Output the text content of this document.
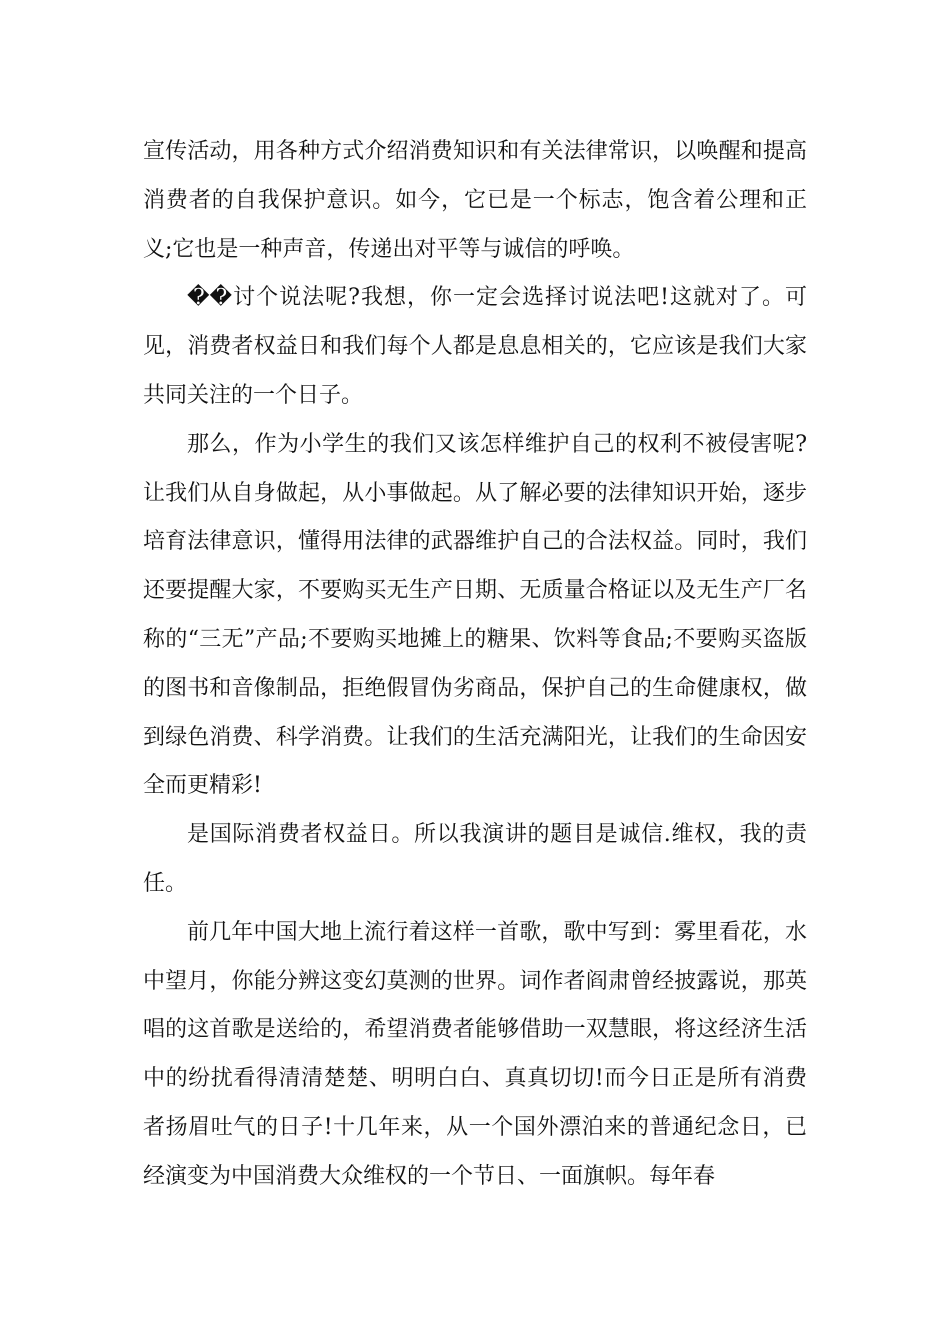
宣传活动，用各种方式介绍消费知识和有关法律常识，以唤醒和提高消费者的自我保护意识。如今，它已是一个标志，饱含着公理和正义;它也是一种声音，传递出对平等与诚信的呼唤。

��讨个说法呢?我想，你一定会选择讨说法吧!这就对了。可见，消费者权益日和我们每个人都是息息相关的，它应该是我们大家共同关注的一个日子。

那么，作为小学生的我们又该怎样维护自己的权利不被侵害呢?让我们从自身做起，从小事做起。从了解必要的法律知识开始，逐步培育法律意识，懂得用法律的武器维护自己的合法权益。同时，我们还要提醒大家，不要购买无生产日期、无质量合格证以及无生产厂名称的“三无”产品;不要购买地摊上的糖果、饮料等食品;不要购买盗版的图书和音像制品，拒绝假冒伪劣商品，保护自己的生命健康权，做到绿色消费、科学消费。让我们的生活充满阳光，让我们的生命因安全而更精彩!

是国际消费者权益日。所以我演讲的题目是诚信.维权，我的责任。

前几年中国大地上流行着这样一首歌，歌中写到：雾里看花，水中望月，你能分辨这变幻莫测的世界。词作者阎肃曾经披露说，那英唱的这首歌是送给的，希望消费者能够借助一双慧眼，将这经济生活中的纷扰看得清清楚楚、明明白白、真真切切!而今日正是所有消费者扬眉吐气的日子!十几年来，从一个国外漂泊来的普通纪念日，已经演变为中国消费大众维权的一个节日、一面旗帜。每年春
